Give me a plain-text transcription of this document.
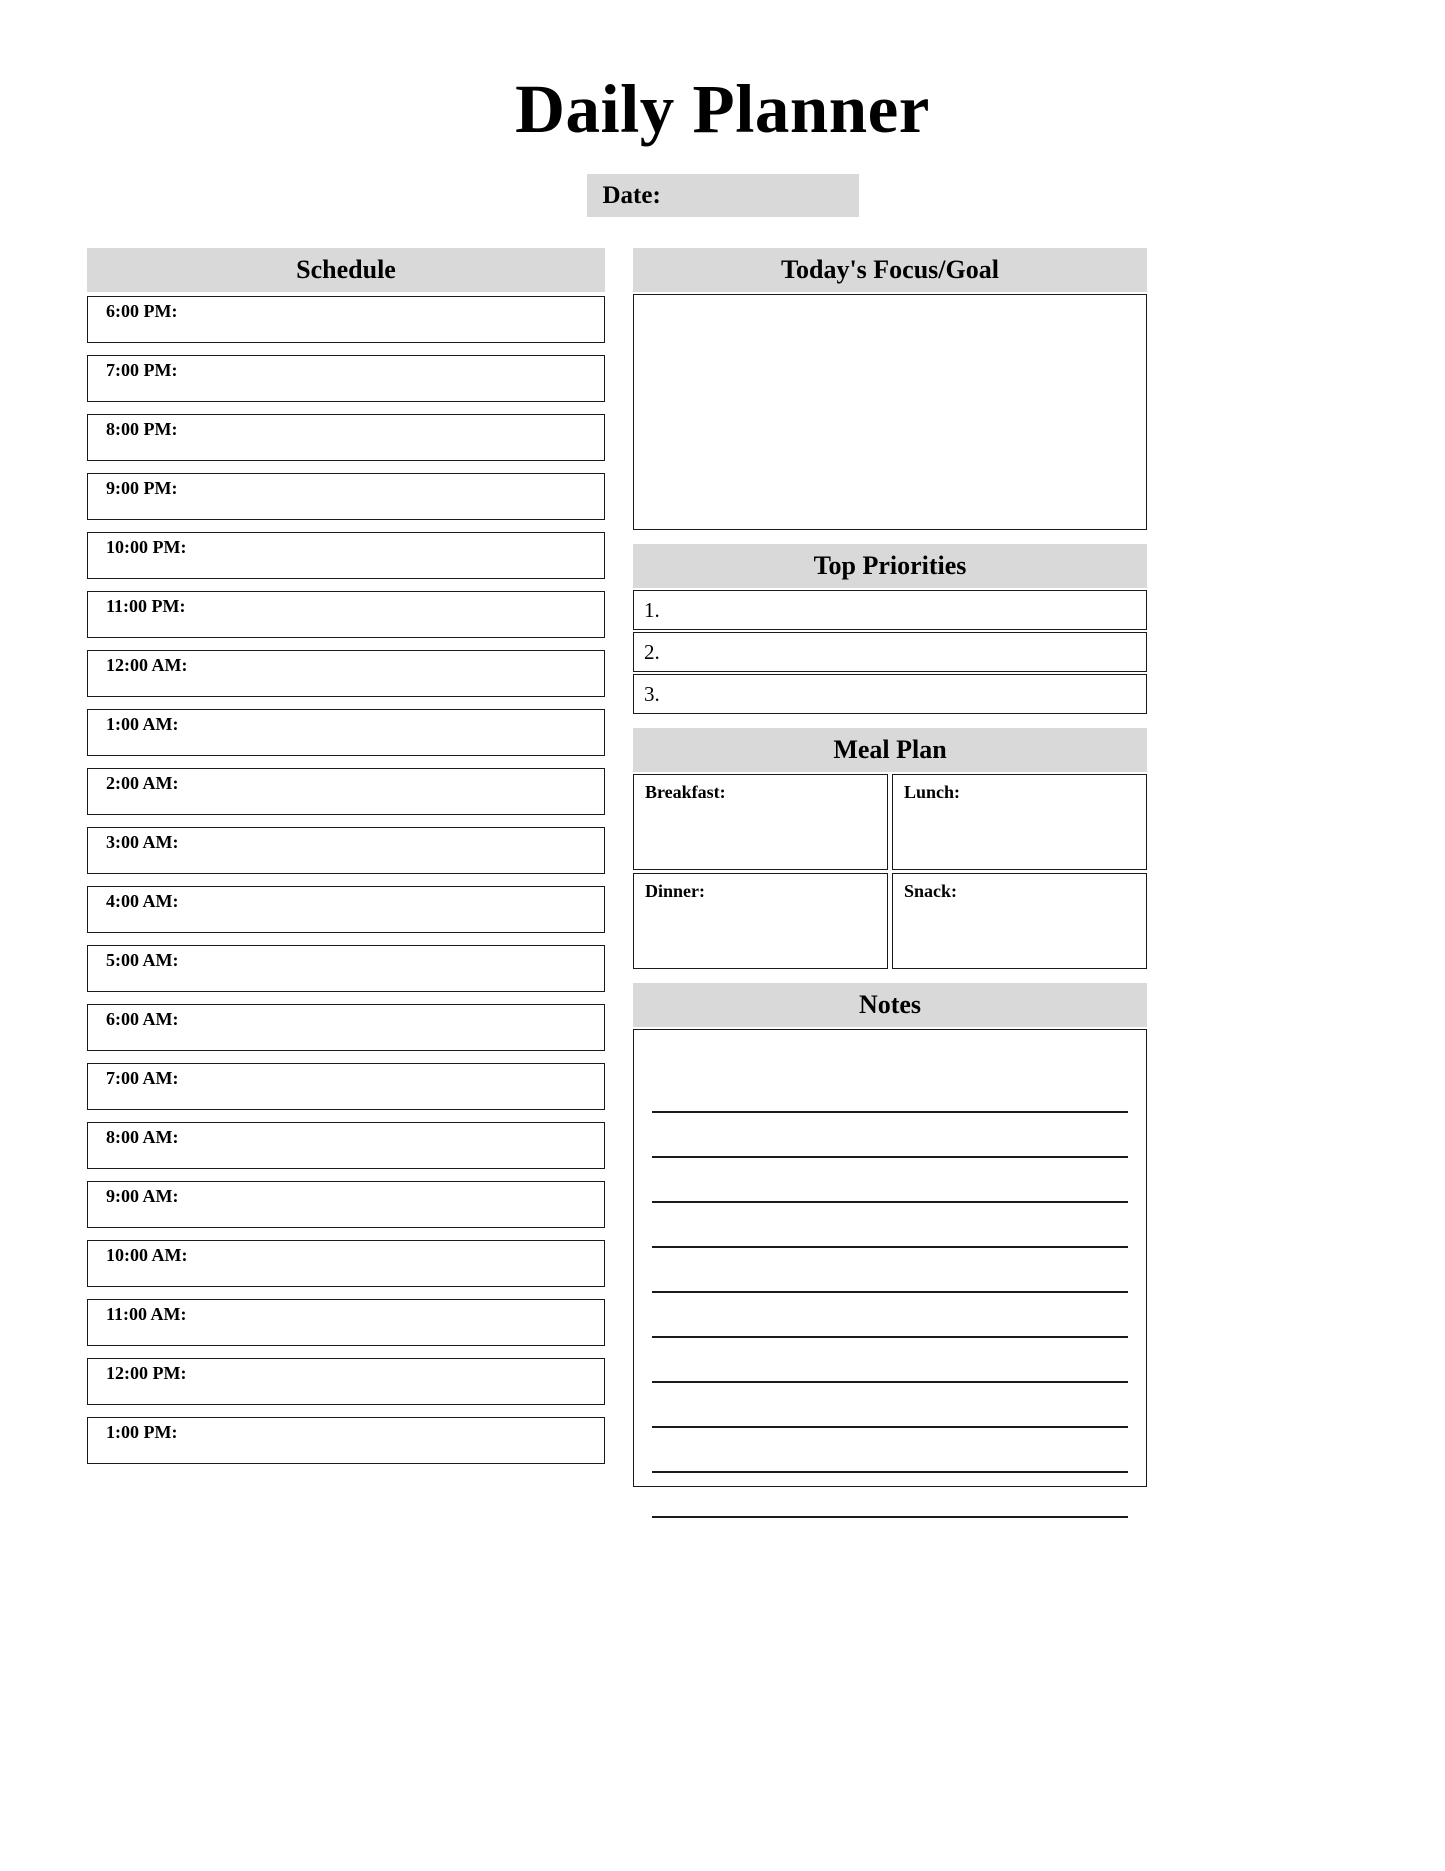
Daily Planner
Date:
Schedule
6:00 PM:
7:00 PM:
8:00 PM:
9:00 PM:
10:00 PM:
11:00 PM:
12:00 AM:
1:00 AM:
2:00 AM:
3:00 AM:
4:00 AM:
5:00 AM:
6:00 AM:
7:00 AM:
8:00 AM:
9:00 AM:
10:00 AM:
11:00 AM:
12:00 PM:
1:00 PM:
Today's Focus/Goal
Top Priorities
1.
2.
3.
Meal Plan
Breakfast:	Lunch:
Dinner:	Snack:
Notes
